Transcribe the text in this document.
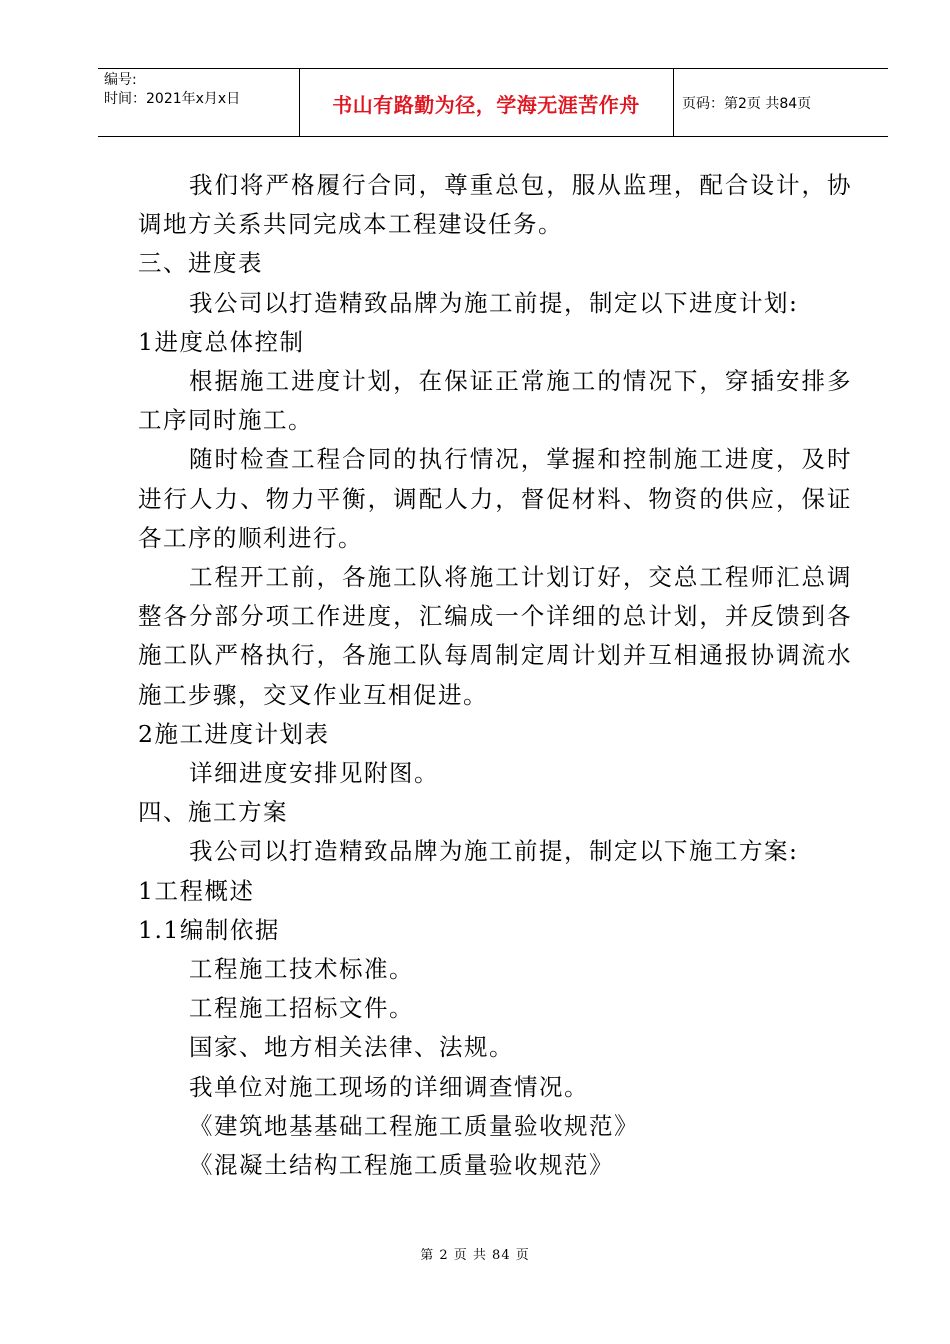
编号:
时间：2021年x月x日	书山有路勤为径，学海无涯苦作舟	页码：第2页 共84页

我们将严格履行合同，尊重总包，服从监理，配合设计，协调地方关系共同完成本工程建设任务。

三、进度表

我公司以打造精致品牌为施工前提，制定以下进度计划:

1进度总体控制

根据施工进度计划，在保证正常施工的情况下，穿插安排多工序同时施工。

随时检查工程合同的执行情况，掌握和控制施工进度，及时进行人力、物力平衡，调配人力，督促材料、物资的供应，保证各工序的顺利进行。

工程开工前，各施工队将施工计划订好，交总工程师汇总调整各分部分项工作进度，汇编成一个详细的总计划，并反馈到各施工队严格执行，各施工队每周制定周计划并互相通报协调流水施工步骤，交叉作业互相促进。

2施工进度计划表

详细进度安排见附图。

四、施工方案

我公司以打造精致品牌为施工前提，制定以下施工方案:

1工程概述

1.1编制依据

工程施工技术标准。

工程施工招标文件。

国家、地方相关法律、法规。

我单位对施工现场的详细调查情况。

《建筑地基基础工程施工质量验收规范》

《混凝土结构工程施工质量验收规范》

第 2 页 共 84 页
